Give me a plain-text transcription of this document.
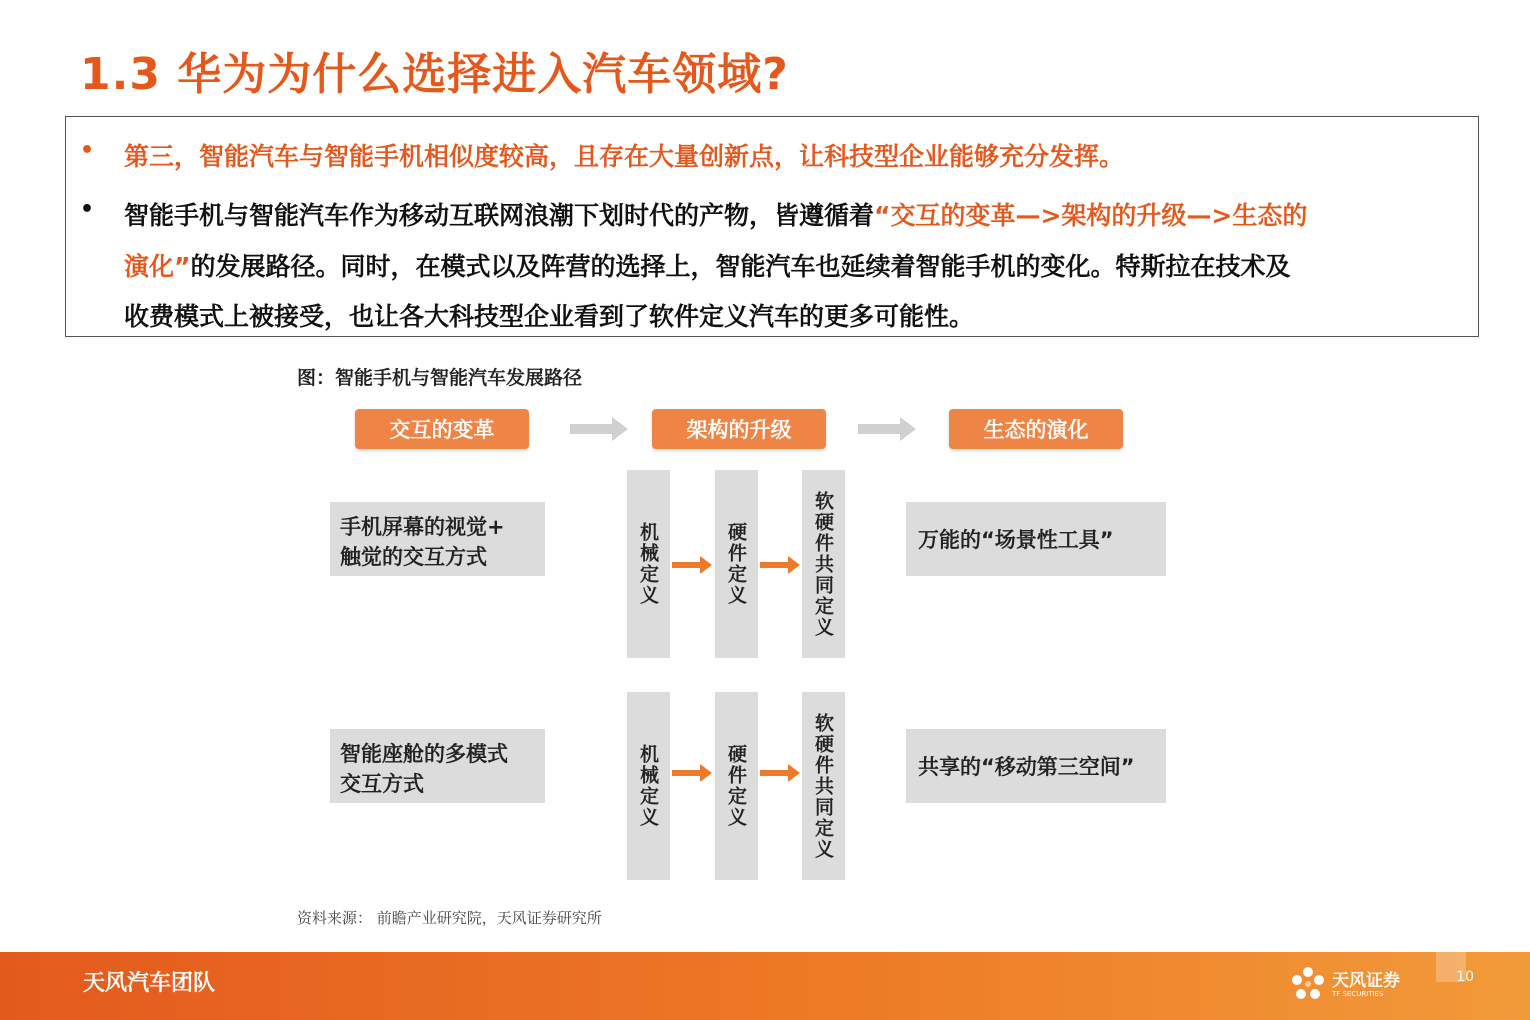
1.3 华为为什么选择进入汽车领域?
• 第三，智能汽车与智能手机相似度较高，且存在大量创新点，让科技型企业能够充分发挥。
• 智能手机与智能汽车作为移动互联网浪潮下划时代的产物，皆遵循着“交互的变革—>架构的升级—>生态的
演化”的发展路径。同时，在模式以及阵营的选择上，智能汽车也延续着智能手机的变化。特斯拉在技术及
收费模式上被接受，也让各大科技型企业看到了软件定义汽车的更多可能性。
图：智能手机与智能汽车发展路径
交互的变革	架构的升级	生态的演化
手机屏幕的视觉+
触觉的交互方式	机械定义	硬件定义	软硬件共同定义	万能的“场景性工具”
智能座舱的多模式
交互方式	机械定义	硬件定义	软硬件共同定义	共享的“移动第三空间”
资料来源： 前瞻产业研究院，天风证券研究所
天风汽车团队	天风证券
TF SECURITIES
10
